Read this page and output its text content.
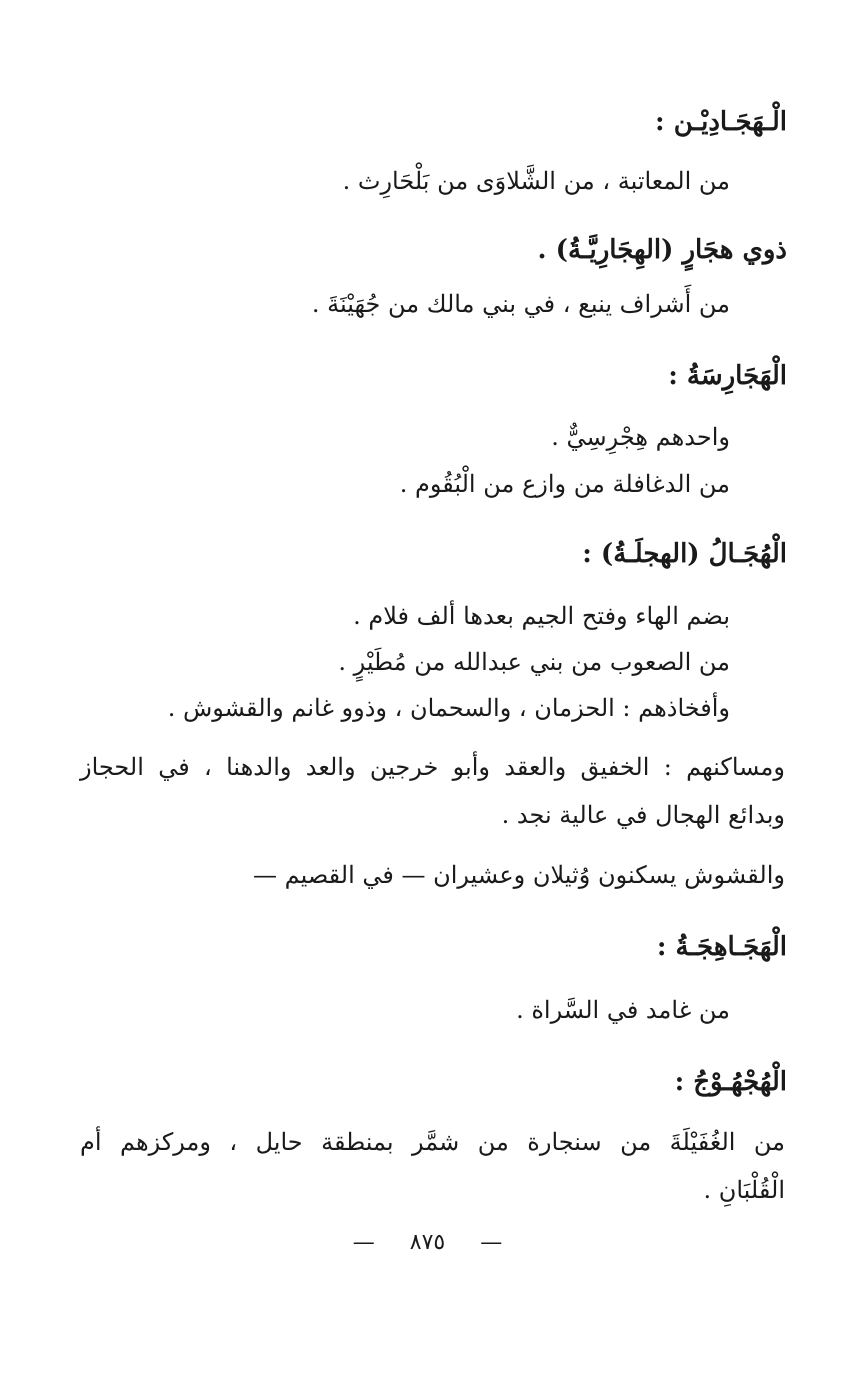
الْـهَجَـادِيْـن :
من المعاتبة ، من الشَّلاوَى من بَلْحَارِث .
ذوي هجَارٍ (الهِجَارِيَّـةُ) .
من أَشراف ينبع ، في بني مالك من جُهَيْنَةَ .
الْهَجَارِسَةُ :
واحدهم هِجْرِسِيٌّ .
من الدغافلة من وازع من الْبُقُوم .
الْهُجَـالُ (الهجلَـةُ) :
بضم الهاء وفتح الجيم بعدها ألف فلام .
من الصعوب من بني عبدالله من مُطَيْرٍ .
وأفخاذهم : الحزمان ، والسحمان ، وذوو غانم والقشوش .
ومساكنهم : الخفيق والعقد وأبو خرجين والعد والدهنا ، في الحجاز
وبدائع الهجال في عالية نجد .
والقشوش يسكنون وُثيلان وعشيران — في القصيم —
الْهَجَـاهِجَـةُ :
من غامد في السَّراة .
الْهُجْهُـوْجُ :
من الغُفَيْلَةَ من سنجارة من شمَّر بمنطقة حايل ، ومركزهم أم
الْقُلْبَانِ .
— ٨٧٥ —
